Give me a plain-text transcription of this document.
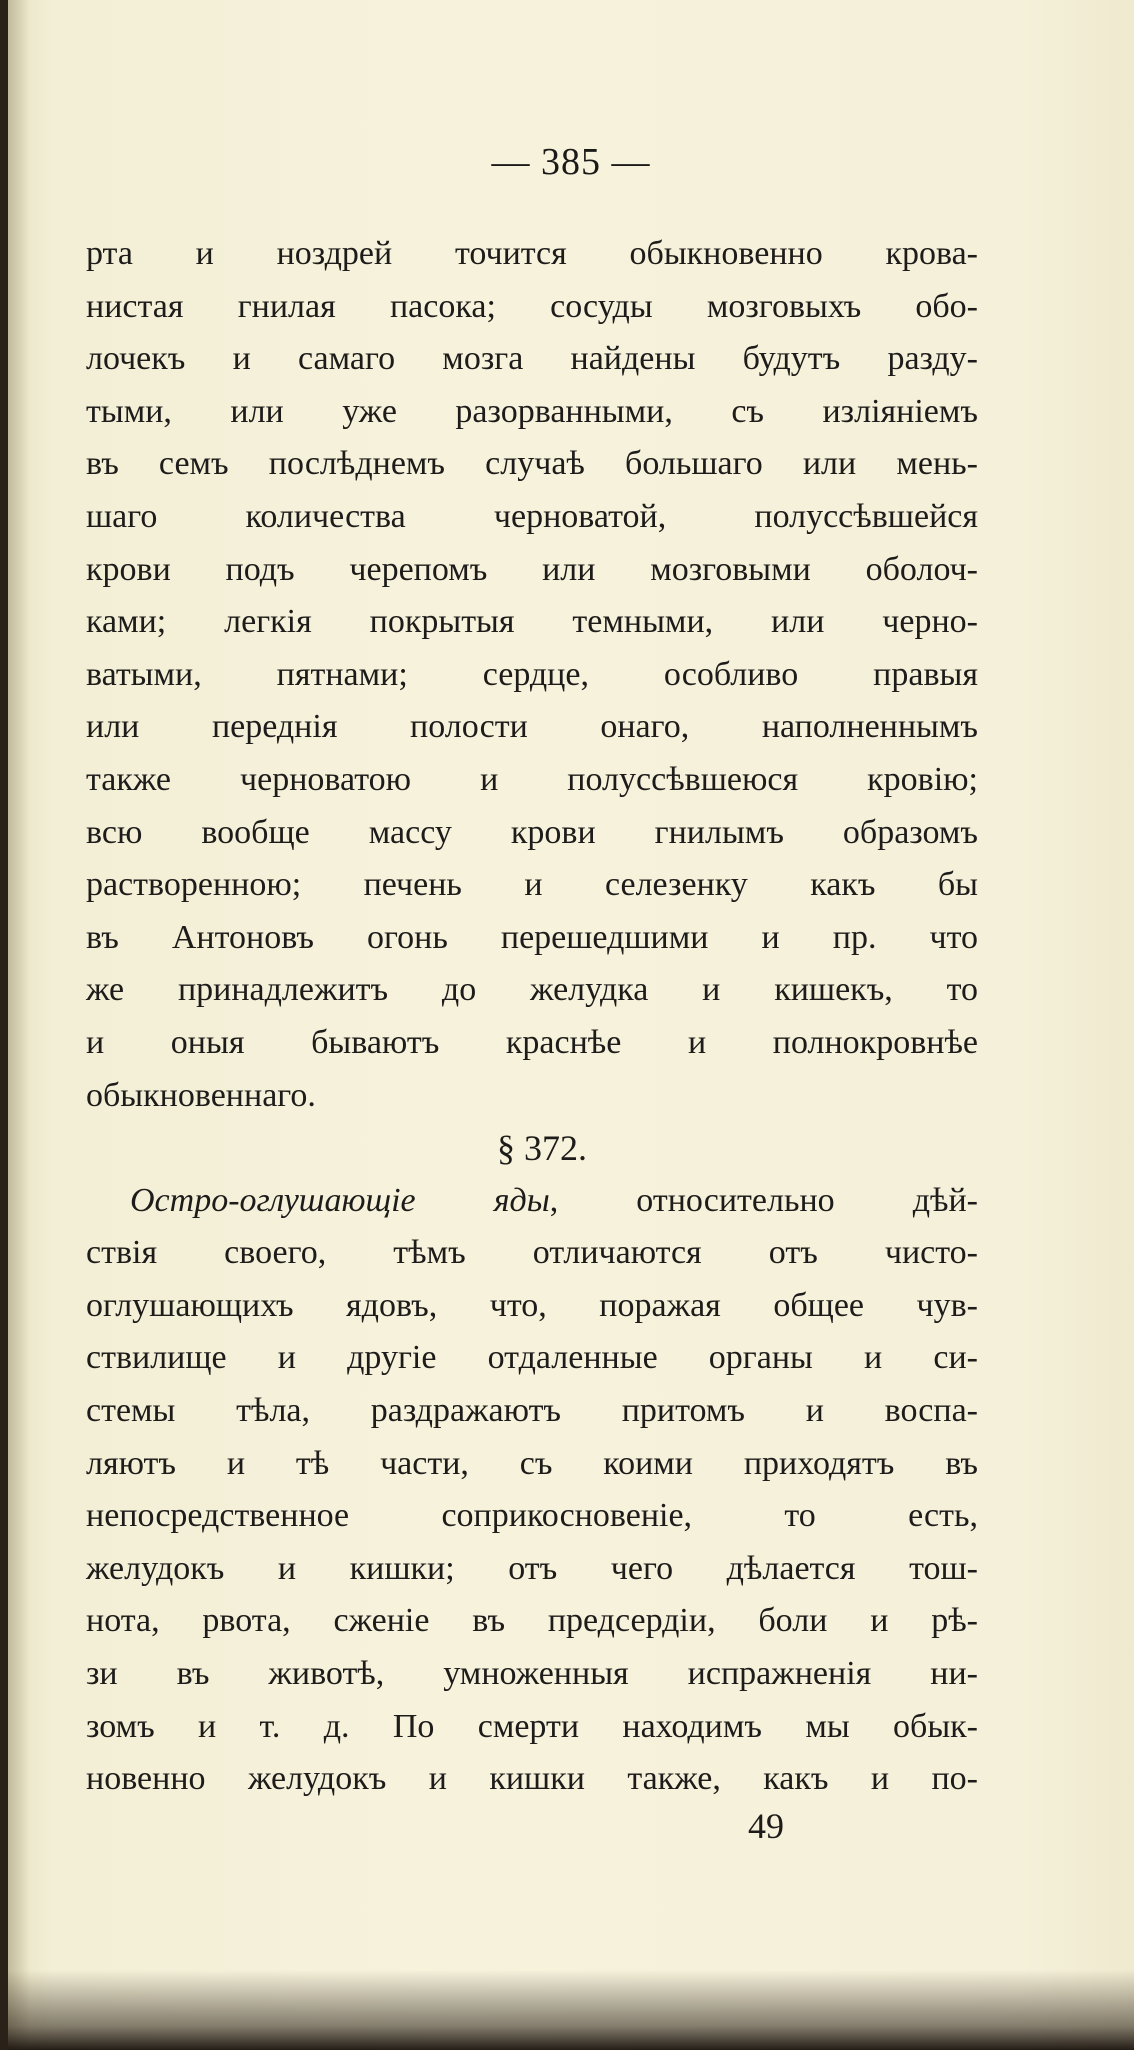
— 385 —
рта и ноздрей точится обыкновенно крова-
нистая гнилая пасока; сосуды мозговыхъ обо-
лочекъ и самаго мозга найдены будутъ разду-
тыми, или уже разорванными, съ излiянiемъ
въ семъ послѣднемъ случаѣ большаго или мень-
шаго количества черноватой, полуссѣвшейся
крови подъ черепомъ или мозговыми оболоч-
ками; легкiя покрытыя темными, или черно-
ватыми, пятнами; сердце, особливо правыя
или переднiя полости онаго, наполненнымъ
также черноватою и полуссѣвшеюся кровiю;
всю вообще массу крови гнилымъ образомъ
растворенною; печень и селезенку какъ бы
въ Антоновъ огонь перешедшими и пр. что
же принадлежитъ до желудка и кишекъ, то
и оныя бываютъ краснѣе и полнокровнѣе
обыкновеннаго.
§ 372.
Остро-оглушающiе яды, относительно дѣй-
ствiя своего, тѣмъ отличаются отъ чисто-
оглушающихъ ядовъ, что, поражая общее чув-
ствилище и другiе отдаленные органы и си-
стемы тѣла, раздражаютъ притомъ и воспа-
ляютъ и тѣ части, съ коими приходятъ въ
непосредственное соприкосновенiе, то есть,
желудокъ и кишки; отъ чего дѣлается тош-
нота, рвота, сженiе въ предсердiи, боли и рѣ-
зи въ животѣ, умноженныя испражненiя ни-
зомъ и т. д. По смерти находимъ мы обык-
новенно желудокъ и кишки также, какъ и по-
49
